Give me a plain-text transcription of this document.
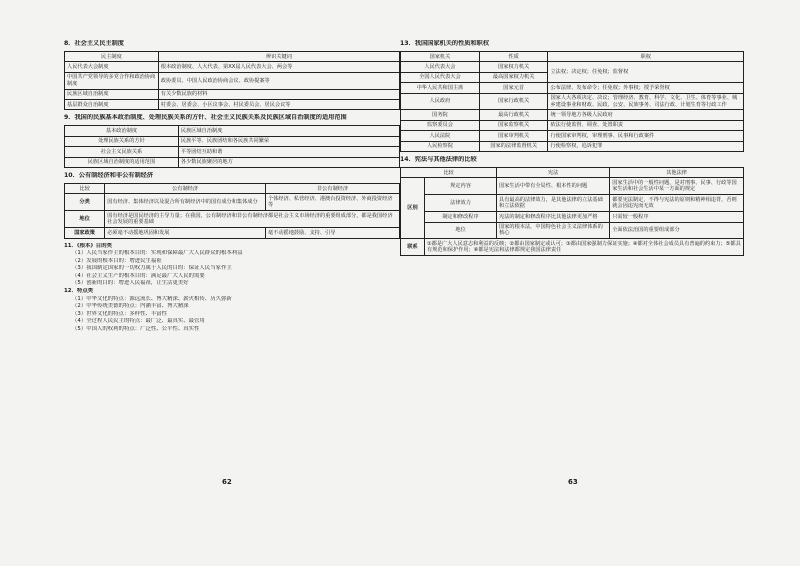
8．社会主义民主制度
民主制度	辨识关键词
人民代表大会制度	根本政治制度、人大代表、第XX届人民代表大会、两会等
中国共产党领导的多党合作和政治协商制度	政协委员、中国人民政治协商会议、政协提案等
民族区域自治制度	有关少数民族的材料
基层群众自治制度	村委会、居委会、小区议事会、村民委员会、居民会议等
9．我国的民族基本政治制度、处理民族关系的方针、社会主义民族关系及民族区域自治制度的适用范围
基本政治制度	民族区域自治制度
处理民族关系的方针	民族平等、民族团结和各民族共同繁荣
社会主义民族关系	平等团结互助和谐
民族区域自治制度的适用范围	各少数民族聚居的地方
10．公有制经济和非公有制经济
比较	公有制经济	非公有制经济
分类	国有经济、集体经济以及混合所有制经济中的国有成分和集体成分	个体经济、私营经济、港澳台投资经济、外商投资经济等
地位	国有经济是国民经济的主导力量；在我国，公有制经济和非公有制经济都是社会主义市场经济的重要组成部分，都是我国经济社会发展的重要基础	
国家政策	必须毫不动摇地巩固和发展	毫不动摇地鼓励、支持、引导
11．《根本》目的类
（1）人民当家作主的根本目的：实现和保障最广大人民群众的根本利益
（2）发展的根本目的：增进民生福祉
（3）我国制定国家的一切权力属于人民的目的：保证人民当家作主
（4）社会主义生产的根本目的：满足最广大人民的需要
（5）创新的目的：增进人民福祉，让生活更美好
12．特点类
（1）中华文化的特点：源远流长、博大精深、薪火相传、历久弥新
（2）中华传统美德的特点：内涵丰富、博大精深
（3）世界文化的特点：多样性、丰富性
（4）全过程人民民主的特点：最广泛、最真实、最管用
（5）中国人的权利的特点：广泛性、公平性、真实性
62
13．我国国家机关的性质和职权
国家机关	性质	职权
人民代表大会	国家权力机关	立法权；决定权；任免权；监督权
全国人民代表大会	最高国家权力机关	
中华人民共和国主席	国家元首	公布法律、发布命令；任免权；外事权；授予荣誉权
人民政府	国家行政机关	国家人大各项决定、决议；管理经济、教育、科学、文化、卫生、体育等事业、城乡建设事业和财政、民政、公安、民族事务、司法行政、计划生育等行政工作
国务院	最高行政机关	统一领导地方各级人民政府
监察委员会	国家监察机关	依法行使监督、调查、处置职责
人民法院	国家审判机关	行使国家审判权，审理刑事、民事和行政案件
人民检察院	国家的法律监督机关	行使检察权，追诉犯罪
14．宪法与其他法律的比较
比较		宪法	其他法律
区别	规定内容	国家生活中带有全局性、根本性的问题	国家生活中的一般性问题，是对刑事、民事、行政等国家生活和社会生活中某一方面的规定
	法律效力	具有最高的法律效力，是其他法律的立法基础和立法依据	都要宪法制定，不得与宪法的原则和精神相违背，否则就会因违宪而无效
	制定和修改程序	宪法的制定和修改程序比其他法律更加严格	只需较一般程序
	地位	国家的根本法，中国特色社会主义法律体系的核心	全面依法治国的重要组成部分
联系	①都是广大人民意志和利益的反映；②都由国家制定或认可；③都由国家强制力保证实施；④都对全体社会成员具有普遍的约束力；⑤都具有规范和保护作用；⑥都是宪法和法律都规定我国法律责任		
63
